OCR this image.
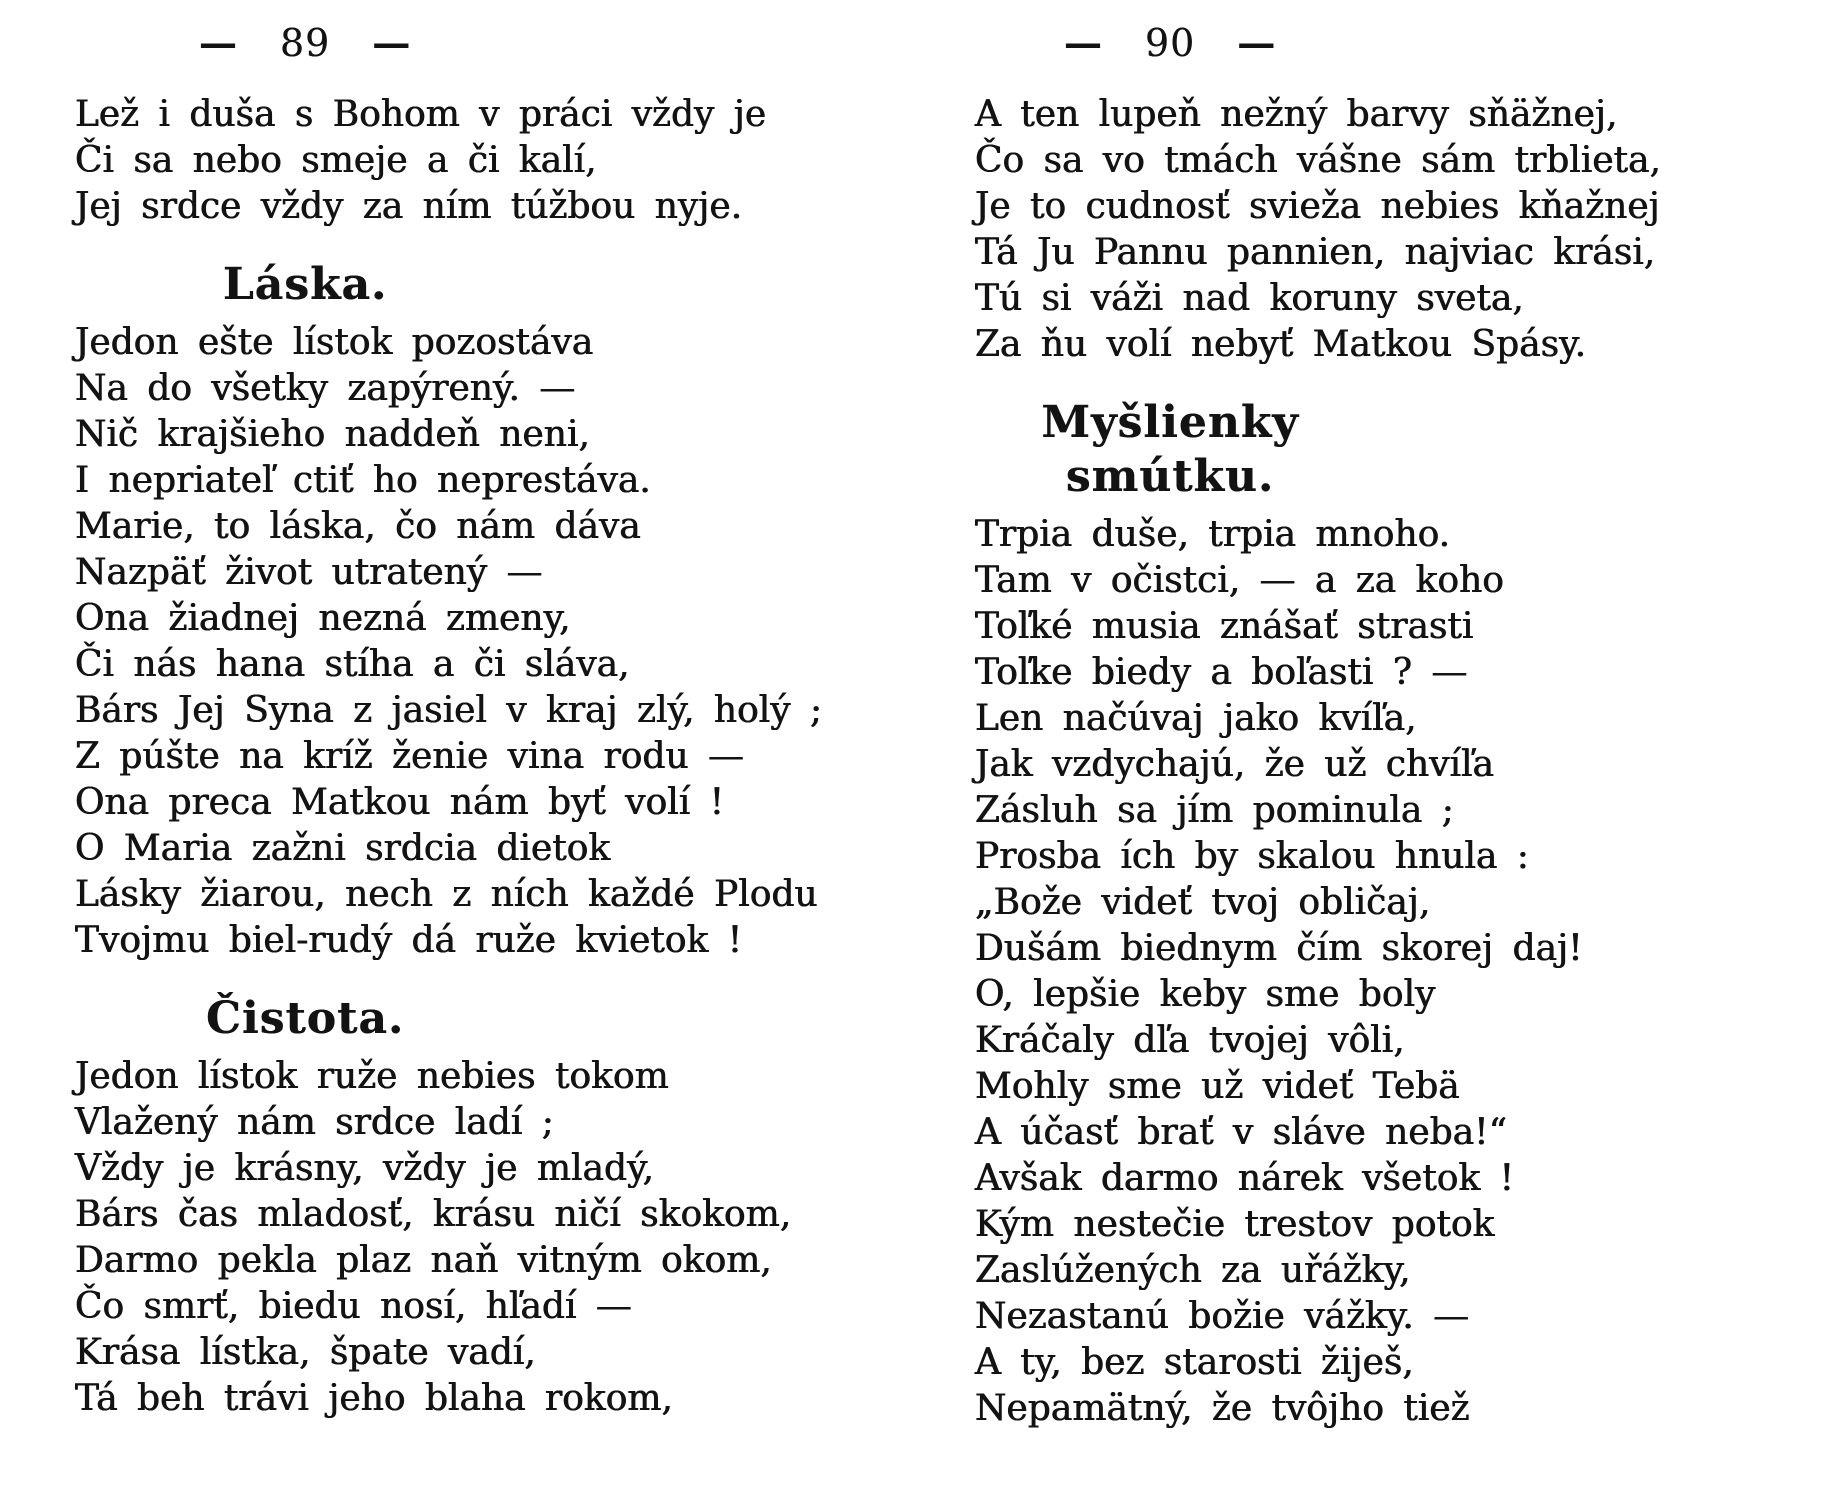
— 89 —
Lež i duša s Bohom v práci vždy je
Či sa nebo smeje a či kalí,
Jej srdce vždy za ním túžbou nyje.
Láska.
Jedon ešte lístok pozostáva
Na do všetky zapýrený. —
Nič krajšieho naddeň neni,
I nepriateľ ctiť ho neprestáva.
Marie, to láska, čo nám dáva
Nazpäť život utratený —
Ona žiadnej nezná zmeny,
Či nás hana stíha a či sláva,
Bárs Jej Syna z jasiel v kraj zlý, holý ;
Z púšte na kríž ženie vina rodu —
Ona preca Matkou nám byť volí !
O Maria zažni srdcia dietok
Lásky žiarou, nech z ních každé Plodu
Tvojmu biel-rudý dá ruže kvietok !
Čistota.
Jedon lístok ruže nebies tokom
Vlažený nám srdce ladí ;
Vždy je krásny, vždy je mladý,
Bárs čas mladosť, krásu ničí skokom,
Darmo pekla plaz naň vitným okom,
Čo smrť, biedu nosí, hľadí —
Krása lístka, špate vadí,
Tá beh trávi jeho blaha rokom,
— 90 —
A ten lupeň nežný barvy sňäžnej,
Čo sa vo tmách vášne sám trblieta,
Je to cudnosť svieža nebies kňažnej
Tá Ju Pannu pannien, najviac krási,
Tú si váži nad koruny sveta,
Za ňu volí nebyť Matkou Spásy.
Myšlienky smútku.
Trpia duše, trpia mnoho.
Tam v očistci, — a za koho
Toľké musia znášať strasti
Toľke biedy a boľasti ? —
Len načúvaj jako kvíľa,
Jak vzdychajú, že už chvíľa
Zásluh sa jím pominula ;
Prosba ích by skalou hnula :
„Bože videť tvoj obličaj,
Dušám biednym čím skorej daj!
O, lepšie keby sme boly
Kráčaly dľa tvojej vôli,
Mohly sme už videť Tebä
A účasť brať v sláve neba!“
Avšak darmo nárek všetok !
Kým nestečie trestov potok
Zaslúžených za uřážky,
Nezastanú božie vážky. —
A ty, bez starosti žiješ,
Nepamätný, že tvôjho tiež
